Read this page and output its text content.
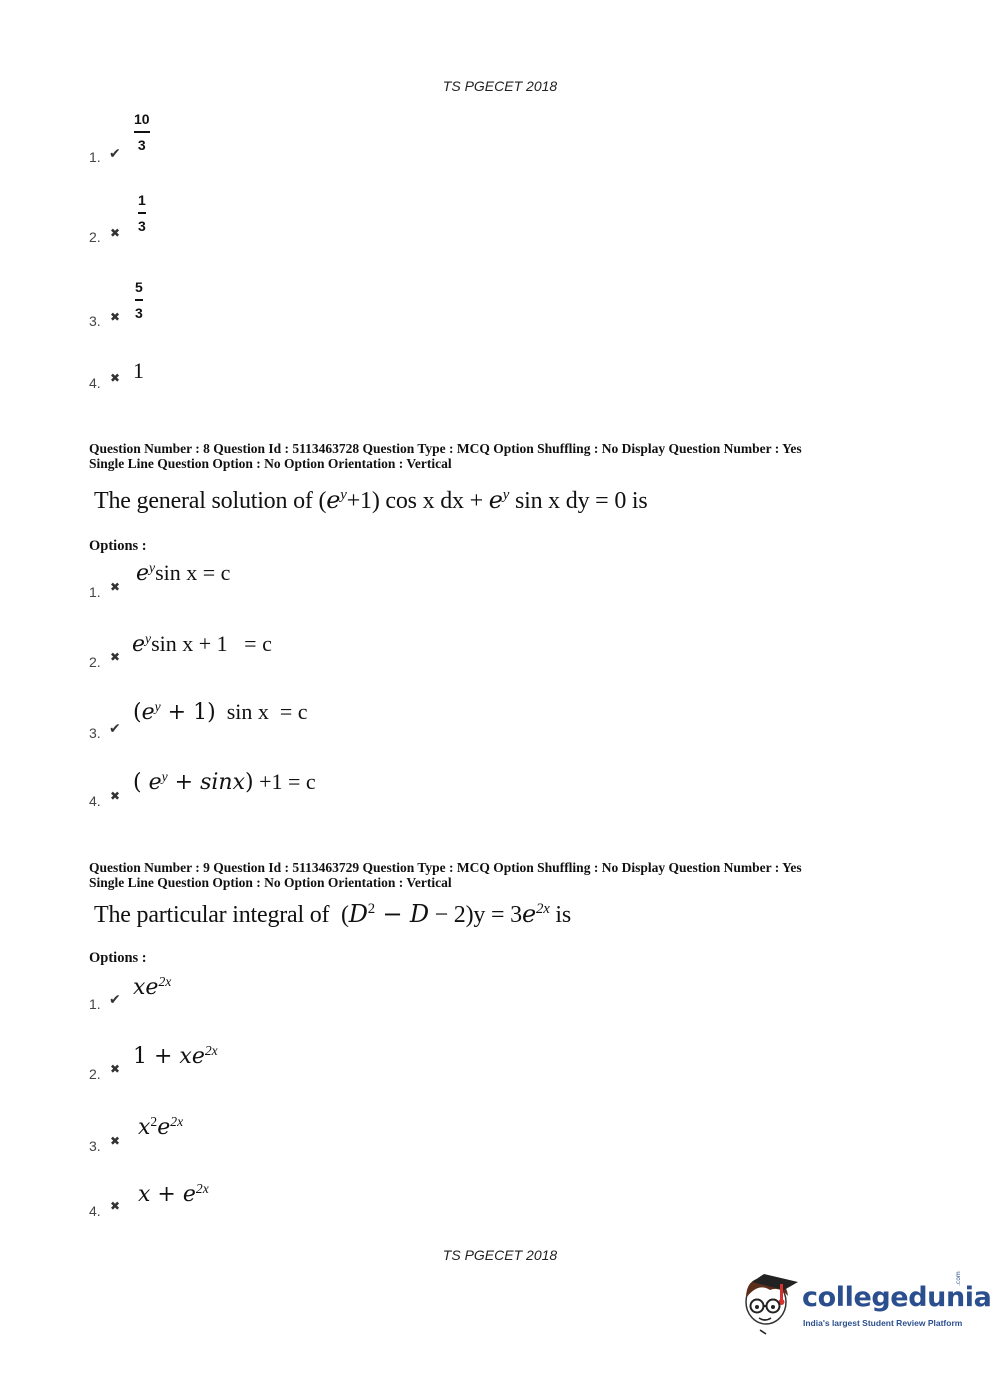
TS PGECET 2018
1. ✔
10
3
2. ✖
1
3
3. ✖
5
3
4. ✖ 1
Question Number : 8 Question Id : 5113463728 Question Type : MCQ Option Shuffling : No Display Question Number : Yes
Single Line Question Option : No Option Orientation : Vertical
The general solution of $(e^y+1)$ cos x dx + $e^y$ sin x dy = 0 is
Options :
1. ✖
$e^y\sin$ x = c
2. ✖ $e^y\sin$ x + 1   = c
3. ✔
$(e^y + 1)$  sin x  = c
4. ✖
( $e^y + \sin x) +1 = c$
Question Number : 9 Question Id : 5113463729 Question Type : MCQ Option Shuffling : No Display Question Number : Yes
Single Line Question Option : No Option Orientation : Vertical
The particular integral of  $(D^2 - D - 2)y = 3e^{2x}$ is
Options :
1. ✔ $xe^{2x}$
2. ✖ $1 + xe^{2x}$
3. ✖
$x^2e^{2x}$
4. ✖ $x + e^{2x}$
TS PGECET 2018
collegedunia
.com
India's largest Student Review Platform
